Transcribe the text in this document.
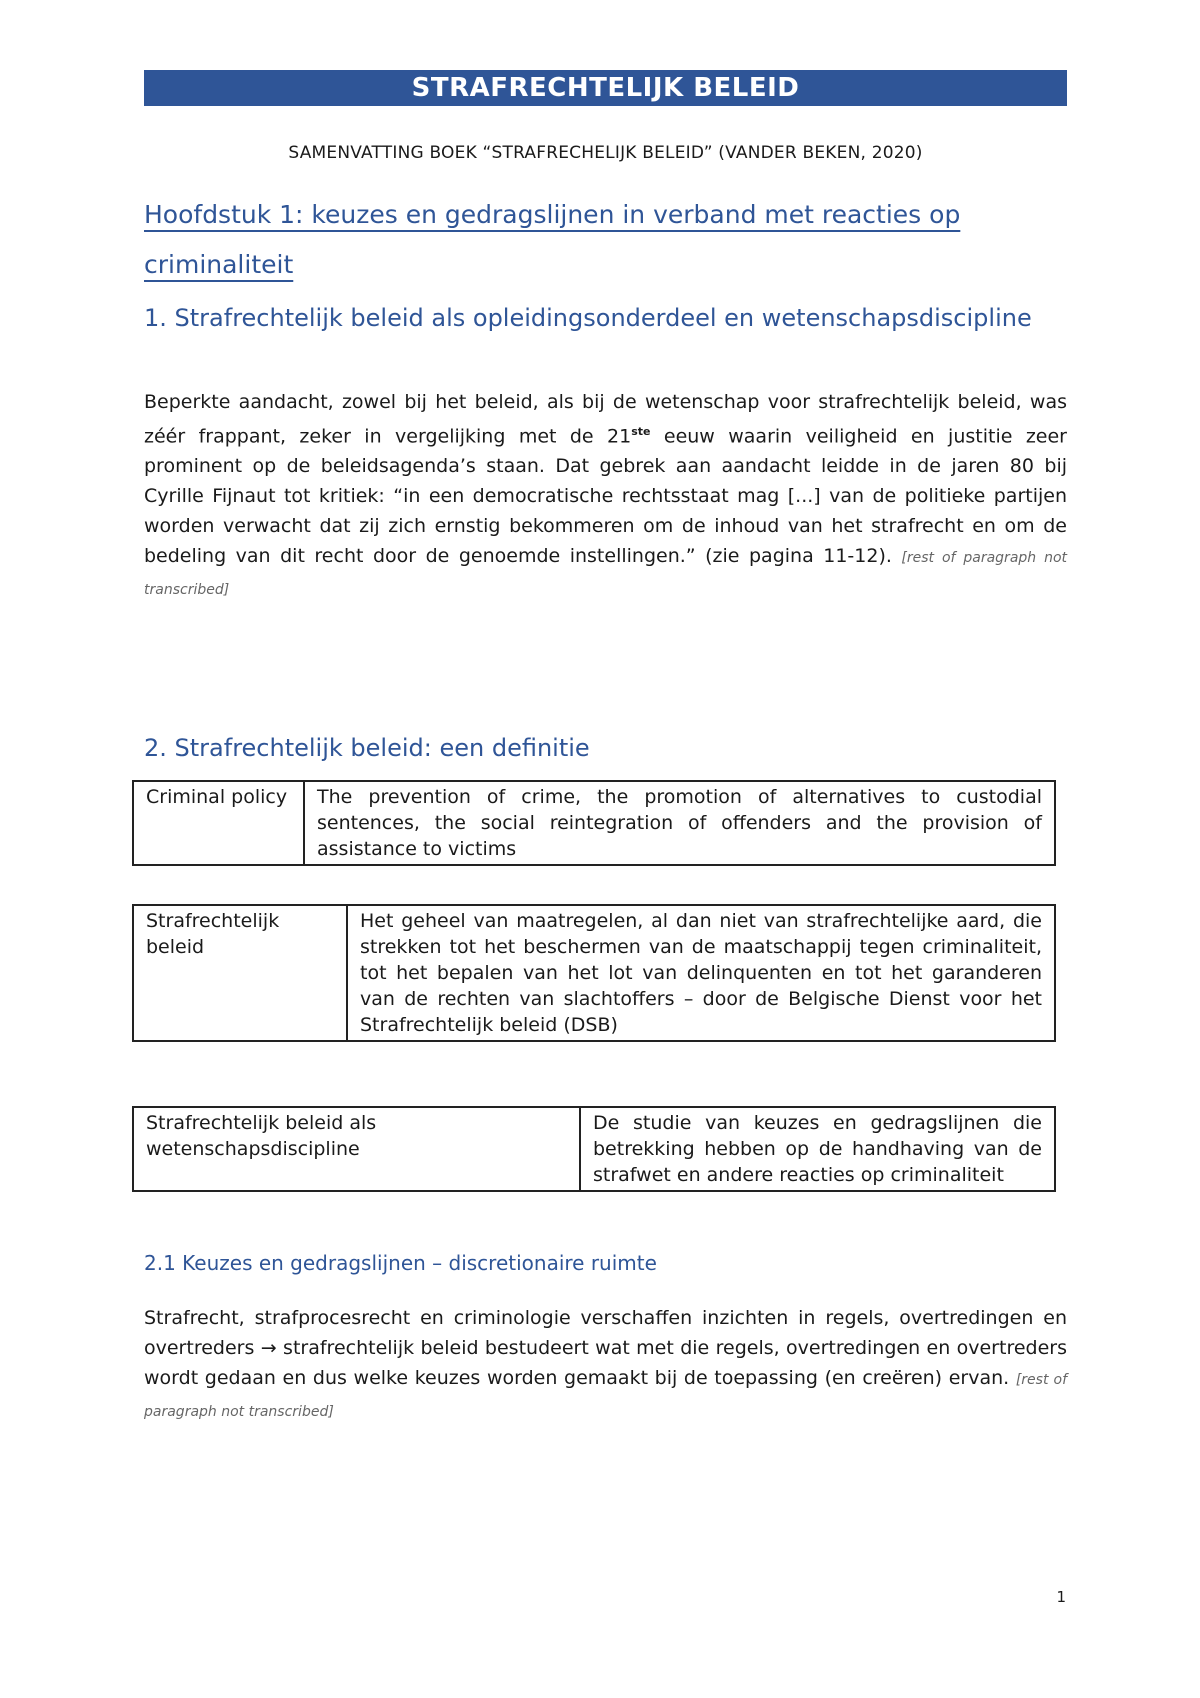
STRAFRECHTELIJK BELEID
SAMENVATTING BOEK “STRAFRECHELIJK BELEID” (VANDER BEKEN, 2020)
Hoofdstuk 1: keuzes en gedragslijnen in verband met reacties op criminaliteit
1. Strafrechtelijk beleid als opleidingsonderdeel en wetenschapsdiscipline
Beperkte aandacht, zowel bij het beleid, als bij de wetenschap voor strafrechtelijk beleid, was zéér frappant, zeker in vergelijking met de 21ste eeuw waarin veiligheid en justitie zeer prominent op de beleidsagenda’s staan. Dat gebrek aan aandacht leidde in de jaren 80 bij Cyrille Fijnaut tot kritiek: “in een democratische rechtsstaat mag [...] van de politieke partijen worden verwacht dat zij zich ernstig bekommeren om de inhoud van het strafrecht en om de bedeling van dit recht door de genoemde instellingen.” (zie pagina 11-12). [rest of paragraph not transcribed]
2. Strafrechtelijk beleid: een definitie
Criminal policy	The prevention of crime, the promotion of alternatives to custodial sentences, the social reintegration of offenders and the provision of assistance to victims
Strafrechtelijk beleid	Het geheel van maatregelen, al dan niet van strafrechtelijke aard, die strekken tot het beschermen van de maatschappij tegen criminaliteit, tot het bepalen van het lot van delinquenten en tot het garanderen van de rechten van slachtoffers – door de Belgische Dienst voor het Strafrechtelijk beleid (DSB)
Strafrechtelijk beleid als wetenschapsdiscipline	De studie van keuzes en gedragslijnen die betrekking hebben op de handhaving van de strafwet en andere reacties op criminaliteit
2.1 Keuzes en gedragslijnen – discretionaire ruimte
Strafrecht, strafprocesrecht en criminologie verschaffen inzichten in regels, overtredingen en overtreders → strafrechtelijk beleid bestudeert wat met die regels, overtredingen en overtreders wordt gedaan en dus welke keuzes worden gemaakt bij de toepassing (en creëren) ervan. [rest of paragraph not transcribed]
1
